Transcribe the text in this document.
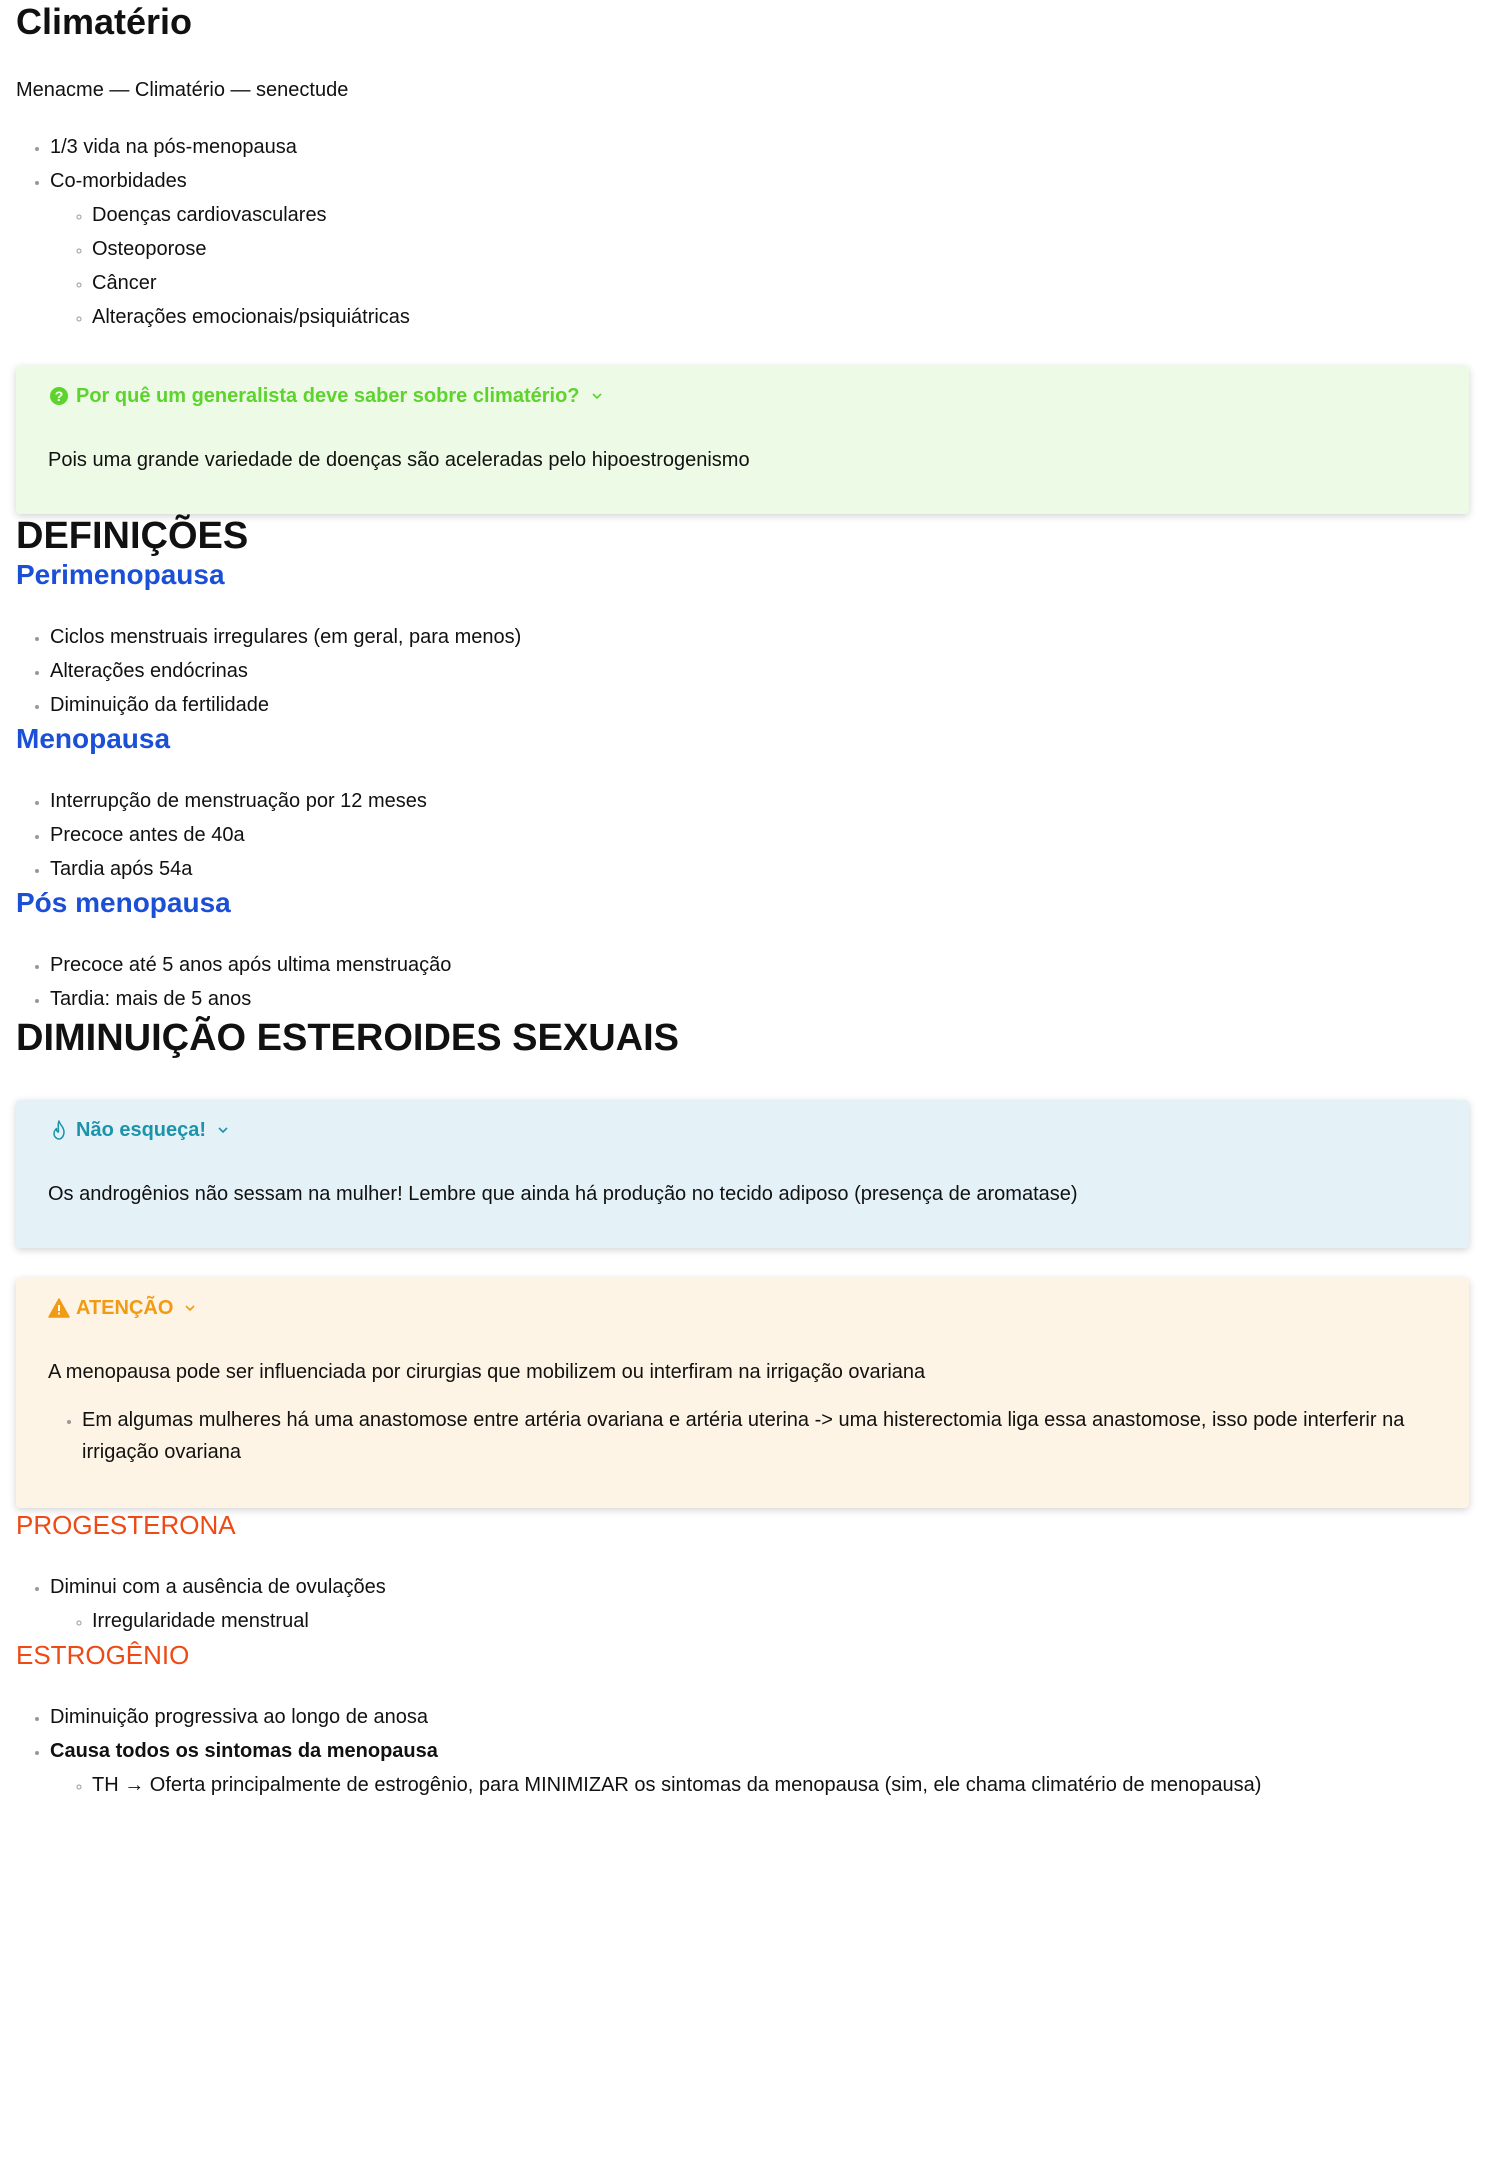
Climatério

Menacme — Climatério — senectude

• 1/3 vida na pós-menopausa
• Co-morbidades
◦ Doenças cardiovasculares
◦ Osteoporose
◦ Câncer
◦ Alterações emocionais/psiquiátricas
? Por quê um generalista deve saber sobre climatério?

Pois uma grande variedade de doenças são aceleradas pelo hipoestrogenismo

DEFINIÇÕES
Perimenopausa
• Ciclos menstruais irregulares (em geral, para menos)
• Alterações endócrinas
• Diminuição da fertilidade
Menopausa
• Interrupção de menstruação por 12 meses
• Precoce antes de 40a
• Tardia após 54a
Pós menopausa
• Precoce até 5 anos após ultima menstruação
• Tardia: mais de 5 anos
DIMINUIÇÃO ESTEROIDES SEXUAIS
Não esqueça!

Os androgênios não sessam na mulher! Lembre que ainda há produção no tecido adiposo (presença de aromatase)

ATENÇÃO

A menopausa pode ser influenciada por cirurgias que mobilizem ou interfiram na irrigação ovariana

• Em algumas mulheres há uma anastomose entre artéria ovariana e artéria uterina -> uma histerectomia liga essa anastomose, isso pode interferir na irrigação ovariana
PROGESTERONA
• Diminui com a ausência de ovulações
◦ Irregularidade menstrual
ESTROGÊNIO
• Diminuição progressiva ao longo de anosa
• Causa todos os sintomas da menopausa
◦ TH → Oferta principalmente de estrogênio, para MINIMIZAR os sintomas da menopausa (sim, ele chama climatério de menopausa)
